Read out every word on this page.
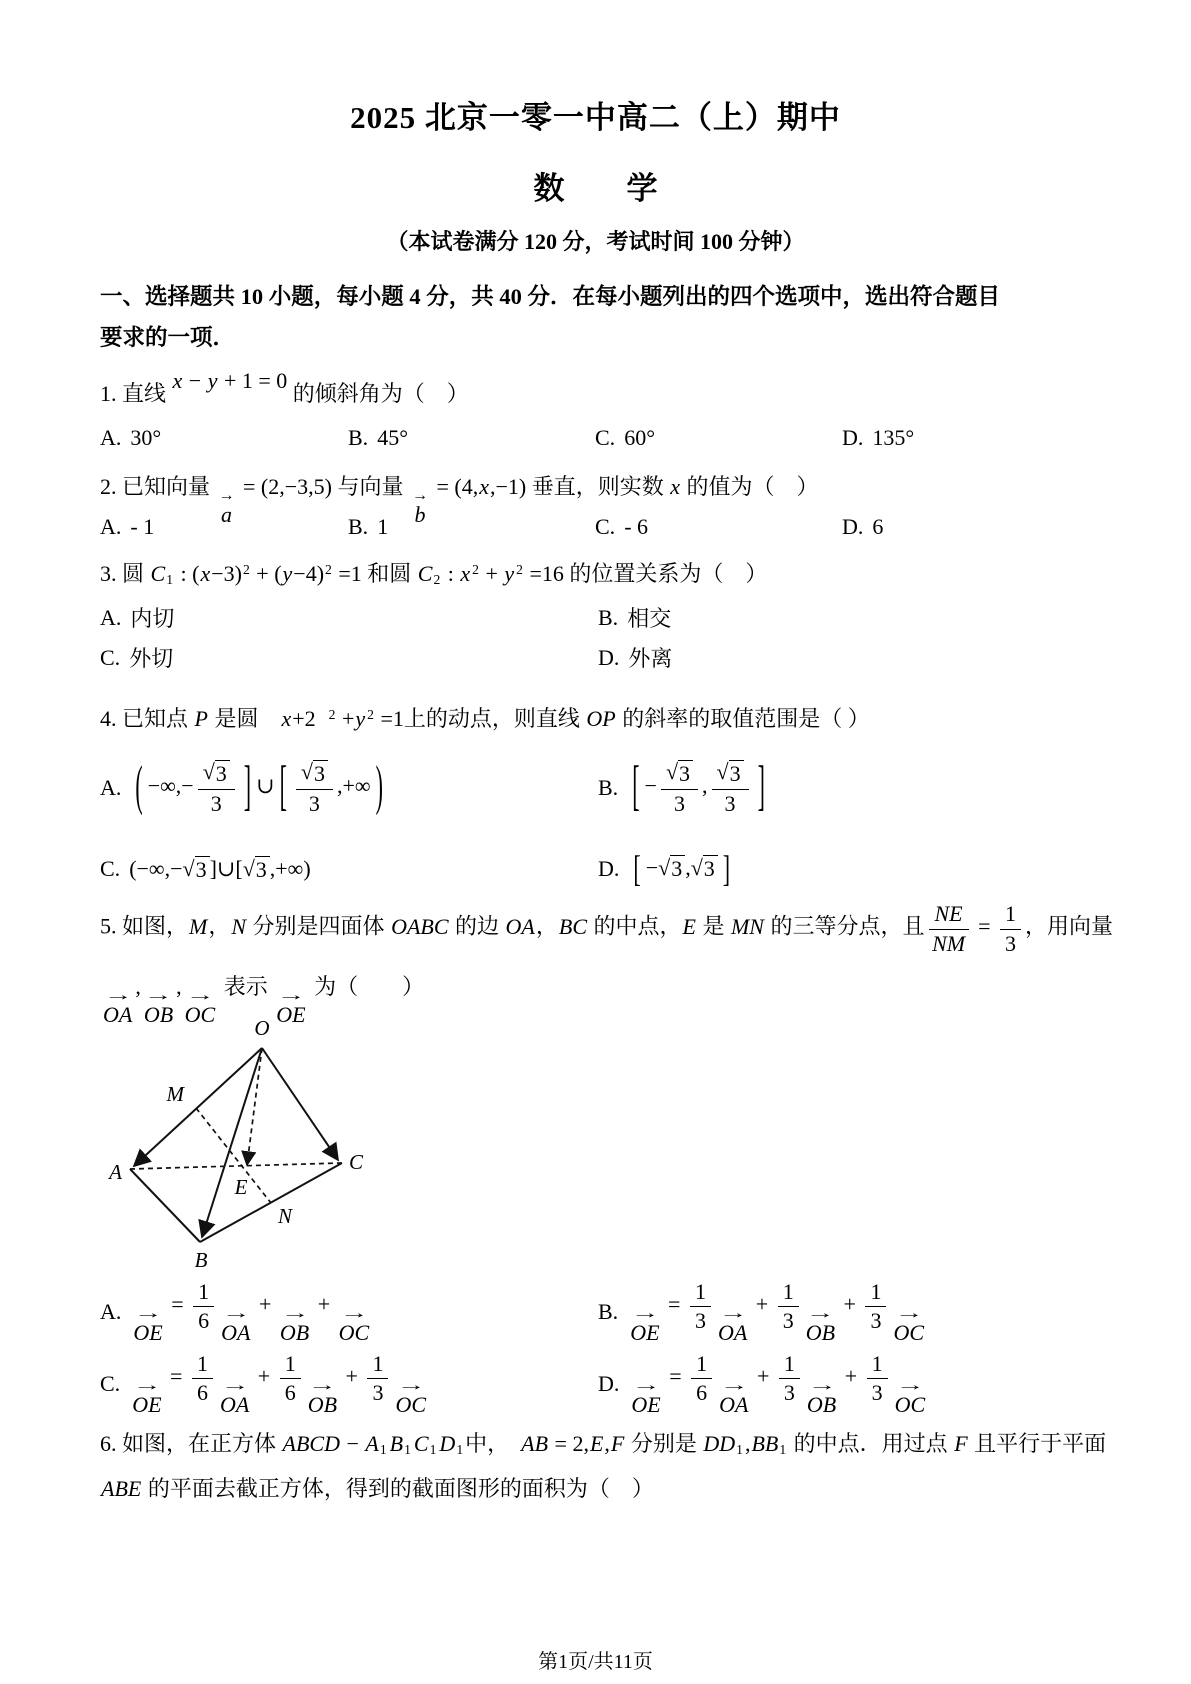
2025 北京一零一中高二（上）期中
数　　学
（本试卷满分 120 分，考试时间 100 分钟）
一、选择题共 10 小题，每小题 4 分，共 40 分．在每小题列出的四个选项中，选出符合题目
要求的一项．
1. 直线 x − y + 1 = 0 的倾斜角为（　）
A. 30°	B. 45°	C. 60°	D. 135°
2. 已知向量 →
a
= (2,−3,5) 与向量 →
b
= (4,x,−1) 垂直，则实数 x 的值为（　）
A. - 1	B. 1	C. - 6	D. 6
3. 圆 C1 : $(x-3)^2 + (y-4)^2 =1$ 和圆 C2 : x $^2$ + y $^2$ =16 的位置关系为（　）
A. 内切	B. 相交
C. 外切	D. 外离
4. 已知点 P 是圆　x+2 $^2$ +y $^2$ =1上的动点，则直线 OP 的斜率的取值范围是（ ）
A. ( −∞,− $\frac{√ 3}{3}$ ] ∪ [ $\frac{√ 3}{3}$ ,+∞ )	B. [ − $\frac{√ 3}{3}$ , $\frac{√ 3}{3}$ ]
C. (−∞,− √ 3 ]∪[ √ 3 ,+∞)	D. [ − √ 3 , √ 3 ]
5. 如图，M，N 分别是四面体 OABC 的边 OA，BC 的中点，E 是 MN 的三等分点，且 $\frac{NE}{NM} = \frac{1}{3}$ ，用向量
→
OA
, →
OB
, →
OC
表示 →
OE
为（　　）
O
M
A
E
N
B
C
A. →
OE
= $\frac{1}{6}$ →
OA
+ →
OB
+ →
OC
B. →
OE
= $\frac{1}{3}$ →
OA
+ $\frac{1}{3}$ →
OB
+ $\frac{1}{3}$ →
OC
C. →
OE
= $\frac{1}{6}$ →
OA
+ $\frac{1}{6}$ →
OB
+ $\frac{1}{3}$ →
OC
D. →
OE
= $\frac{1}{6}$ →
OA
+ $\frac{1}{3}$ →
OB
+ $\frac{1}{3}$ →
OC
6. 如图，在正方体 ABCD − A1 B1 C1 D1中，　AB = 2,E,F 分别是 DD1,BB1 的中点．用过点 F 且平行于平面
ABE 的平面去截正方体，得到的截面图形的面积为（　）
第1页/共11页
